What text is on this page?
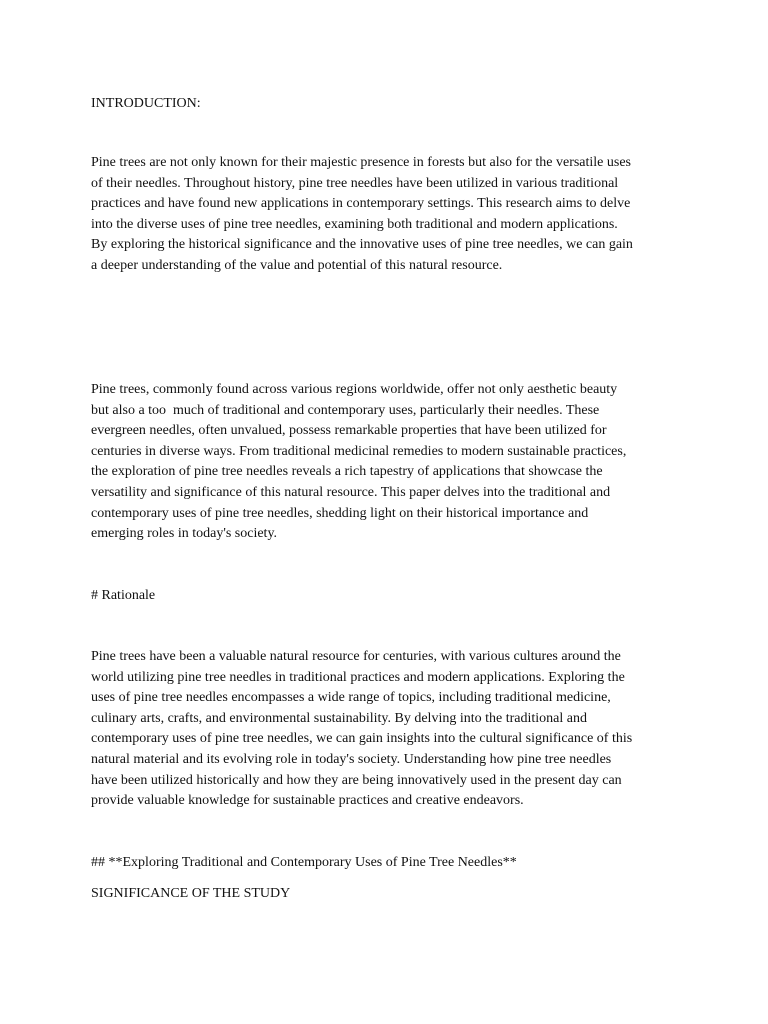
INTRODUCTION:

Pine trees are not only known for their majestic presence in forests but also for the versatile uses
of their needles. Throughout history, pine tree needles have been utilized in various traditional
practices and have found new applications in contemporary settings. This research aims to delve
into the diverse uses of pine tree needles, examining both traditional and modern applications.
By exploring the historical significance and the innovative uses of pine tree needles, we can gain
a deeper understanding of the value and potential of this natural resource.
Pine trees, commonly found across various regions worldwide, offer not only aesthetic beauty
but also a too  much of traditional and contemporary uses, particularly their needles. These
evergreen needles, often unvalued, possess remarkable properties that have been utilized for
centuries in diverse ways. From traditional medicinal remedies to modern sustainable practices,
the exploration of pine tree needles reveals a rich tapestry of applications that showcase the
versatility and significance of this natural resource. This paper delves into the traditional and
contemporary uses of pine tree needles, shedding light on their historical importance and
emerging roles in today's society.

# Rationale

Pine trees have been a valuable natural resource for centuries, with various cultures around the
world utilizing pine tree needles in traditional practices and modern applications. Exploring the
uses of pine tree needles encompasses a wide range of topics, including traditional medicine,
culinary arts, crafts, and environmental sustainability. By delving into the traditional and
contemporary uses of pine tree needles, we can gain insights into the cultural significance of this
natural material and its evolving role in today's society. Understanding how pine tree needles
have been utilized historically and how they are being innovatively used in the present day can
provide valuable knowledge for sustainable practices and creative endeavors.

## **Exploring Traditional and Contemporary Uses of Pine Tree Needles**

SIGNIFICANCE OF THE STUDY
